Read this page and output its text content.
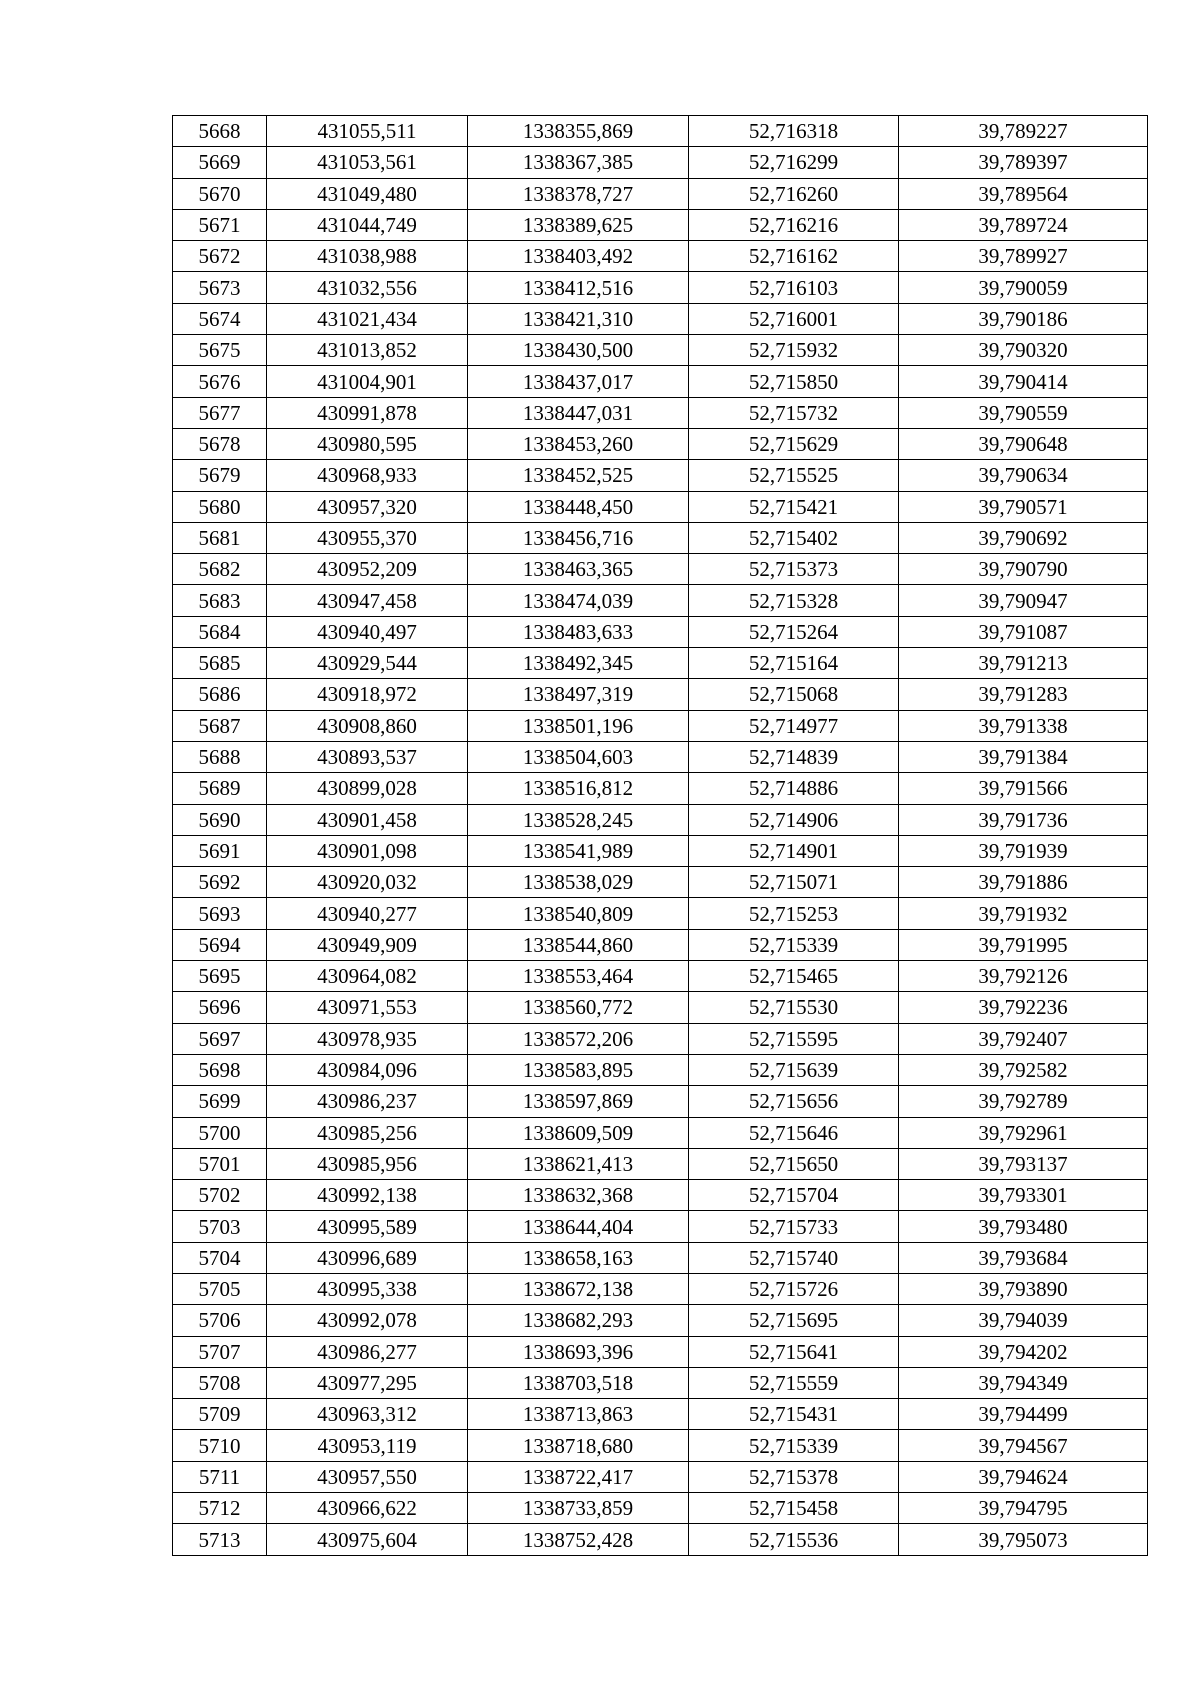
5668	431055,511	1338355,869	52,716318	39,789227
5669	431053,561	1338367,385	52,716299	39,789397
5670	431049,480	1338378,727	52,716260	39,789564
5671	431044,749	1338389,625	52,716216	39,789724
5672	431038,988	1338403,492	52,716162	39,789927
5673	431032,556	1338412,516	52,716103	39,790059
5674	431021,434	1338421,310	52,716001	39,790186
5675	431013,852	1338430,500	52,715932	39,790320
5676	431004,901	1338437,017	52,715850	39,790414
5677	430991,878	1338447,031	52,715732	39,790559
5678	430980,595	1338453,260	52,715629	39,790648
5679	430968,933	1338452,525	52,715525	39,790634
5680	430957,320	1338448,450	52,715421	39,790571
5681	430955,370	1338456,716	52,715402	39,790692
5682	430952,209	1338463,365	52,715373	39,790790
5683	430947,458	1338474,039	52,715328	39,790947
5684	430940,497	1338483,633	52,715264	39,791087
5685	430929,544	1338492,345	52,715164	39,791213
5686	430918,972	1338497,319	52,715068	39,791283
5687	430908,860	1338501,196	52,714977	39,791338
5688	430893,537	1338504,603	52,714839	39,791384
5689	430899,028	1338516,812	52,714886	39,791566
5690	430901,458	1338528,245	52,714906	39,791736
5691	430901,098	1338541,989	52,714901	39,791939
5692	430920,032	1338538,029	52,715071	39,791886
5693	430940,277	1338540,809	52,715253	39,791932
5694	430949,909	1338544,860	52,715339	39,791995
5695	430964,082	1338553,464	52,715465	39,792126
5696	430971,553	1338560,772	52,715530	39,792236
5697	430978,935	1338572,206	52,715595	39,792407
5698	430984,096	1338583,895	52,715639	39,792582
5699	430986,237	1338597,869	52,715656	39,792789
5700	430985,256	1338609,509	52,715646	39,792961
5701	430985,956	1338621,413	52,715650	39,793137
5702	430992,138	1338632,368	52,715704	39,793301
5703	430995,589	1338644,404	52,715733	39,793480
5704	430996,689	1338658,163	52,715740	39,793684
5705	430995,338	1338672,138	52,715726	39,793890
5706	430992,078	1338682,293	52,715695	39,794039
5707	430986,277	1338693,396	52,715641	39,794202
5708	430977,295	1338703,518	52,715559	39,794349
5709	430963,312	1338713,863	52,715431	39,794499
5710	430953,119	1338718,680	52,715339	39,794567
5711	430957,550	1338722,417	52,715378	39,794624
5712	430966,622	1338733,859	52,715458	39,794795
5713	430975,604	1338752,428	52,715536	39,795073
